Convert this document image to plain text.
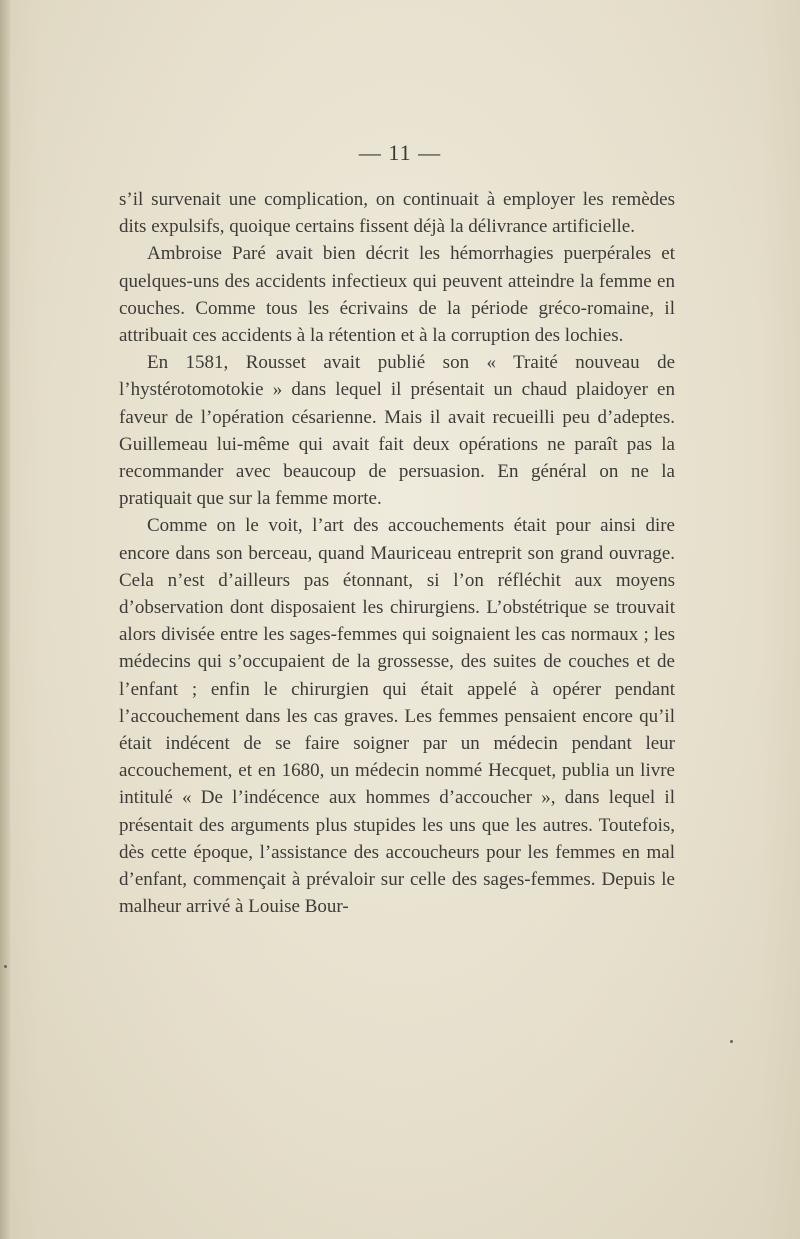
— 11 —

s’il survenait une complication, on continuait à employer les remèdes dits expulsifs, quoique certains fissent déjà la délivrance artificielle.

Ambroise Paré avait bien décrit les hémorrhagies puerpérales et quelques-uns des accidents infectieux qui peuvent atteindre la femme en couches. Comme tous les écrivains de la période gréco-romaine, il attribuait ces accidents à la rétention et à la corruption des lochies.

En 1581, Rousset avait publié son « Traité nouveau de l’hystérotomotokie » dans lequel il présentait un chaud plaidoyer en faveur de l’opération césarienne. Mais il avait recueilli peu d’adeptes. Guillemeau lui-même qui avait fait deux opérations ne paraît pas la recommander avec beaucoup de persuasion. En général on ne la pratiquait que sur la femme morte.

Comme on le voit, l’art des accouchements était pour ainsi dire encore dans son berceau, quand Mauriceau entreprit son grand ouvrage. Cela n’est d’ailleurs pas étonnant, si l’on réfléchit aux moyens d’observation dont disposaient les chirurgiens. L’obstétrique se trouvait alors divisée entre les sages-femmes qui soignaient les cas normaux ; les médecins qui s’occupaient de la grossesse, des suites de couches et de l’enfant ; enfin le chirurgien qui était appelé à opérer pendant l’accouchement dans les cas graves. Les femmes pensaient encore qu’il était indécent de se faire soigner par un médecin pendant leur accouchement, et en 1680, un médecin nommé Hecquet, publia un livre intitulé « De l’indécence aux hommes d’accoucher », dans lequel il présentait des arguments plus stupides les uns que les autres. Toutefois, dès cette époque, l’assistance des accoucheurs pour les femmes en mal d’enfant, commençait à prévaloir sur celle des sages-femmes. Depuis le malheur arrivé à Louise Bour-
